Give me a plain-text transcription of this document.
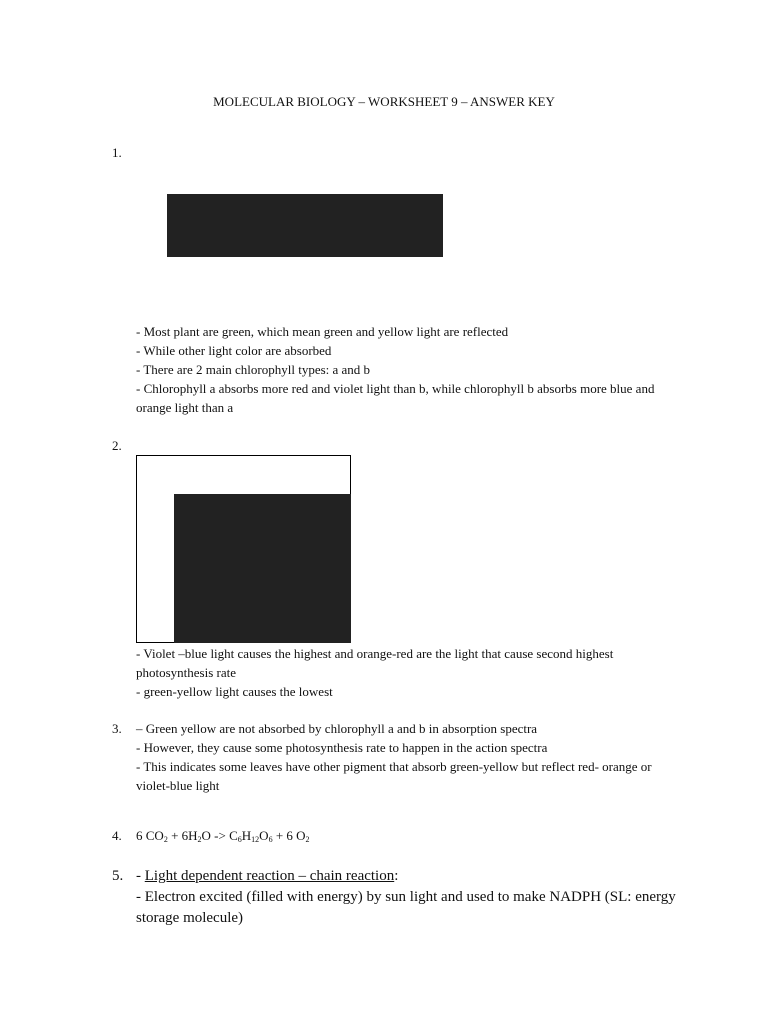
MOLECULAR BIOLOGY – WORKSHEET 9 – ANSWER KEY
1.

- Most plant are green, which mean green and yellow light are reflected

- While other light color are absorbed

- There are 2 main chlorophyll types: a and b

- Chlorophyll a absorbs more red and violet light than b, while chlorophyll b absorbs more blue and orange light than a

2.

- Violet –blue light causes the highest and orange-red are the light that cause second highest photosynthesis rate

- green-yellow light causes the lowest

3. – Green yellow are not absorbed by chlorophyll a and b in absorption spectra

- However, they cause some photosynthesis rate to happen in the action spectra

- This indicates some leaves have other pigment that absorb green-yellow but reflect red- orange or violet-blue light

4. 6 $CO_2 + 6H_2O -> C_6H_{12}O_6 + 6$ $O_2$
5. - Light dependent reaction – chain reaction:

- Electron excited (filled with energy) by sun light and used to make NADPH (SL: energy storage molecule)
